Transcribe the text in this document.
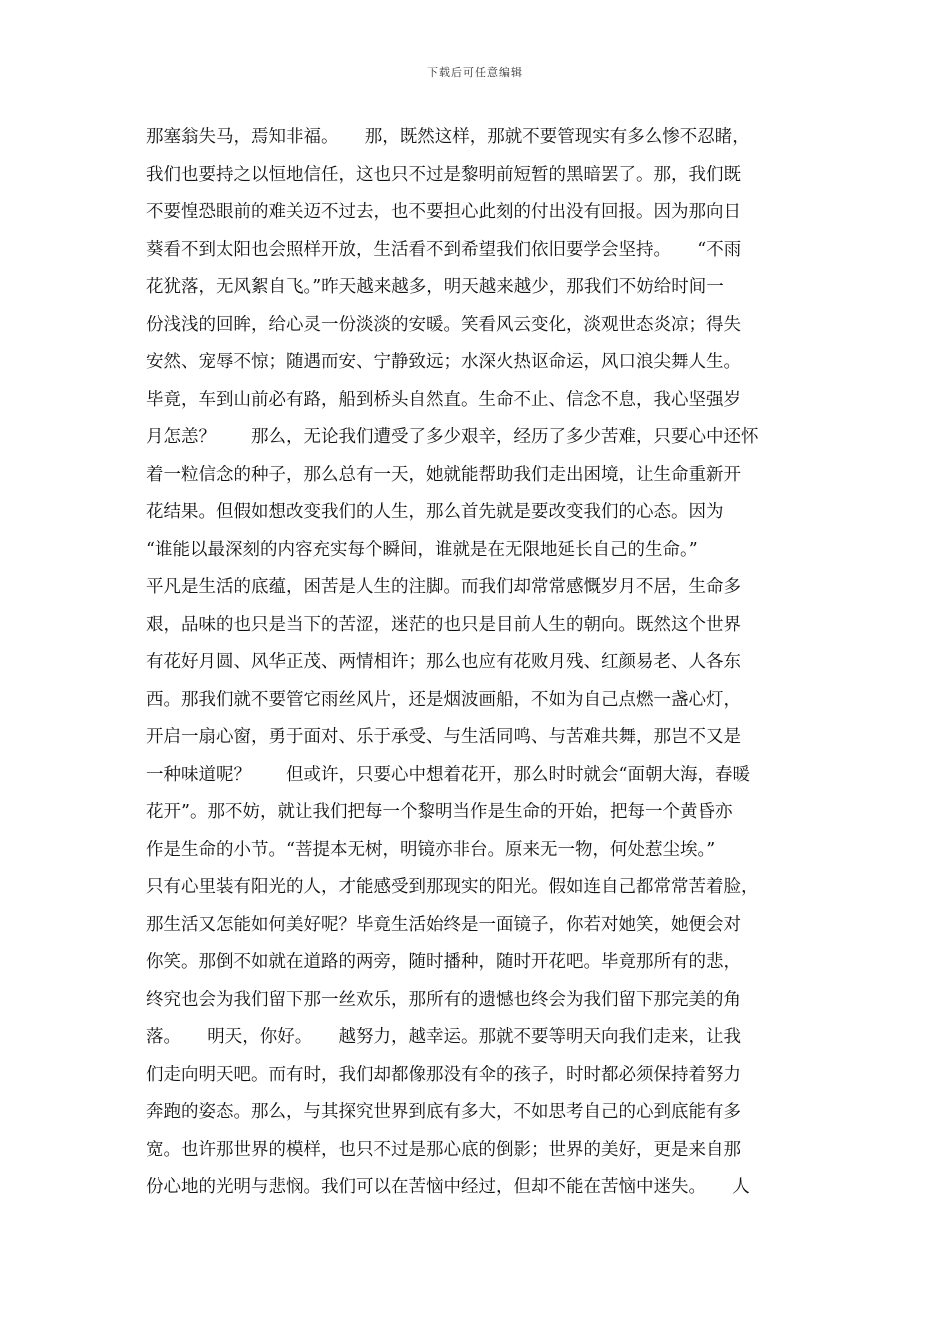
下载后可任意编辑
那塞翁失马，焉知非福。　　那，既然这样，那就不要管现实有多么惨不忍睹，
我们也要持之以恒地信任，这也只不过是黎明前短暂的黑暗罢了。那，我们既
不要惶恐眼前的难关迈不过去，也不要担心此刻的付出没有回报。因为那向日
葵看不到太阳也会照样开放，生活看不到希望我们依旧要学会坚持。　　“不雨
花犹落，无风絮自飞。”昨天越来越多，明天越来越少，那我们不妨给时间一
份浅浅的回眸，给心灵一份淡淡的安暖。笑看风云变化，淡观世态炎凉；得失
安然、宠辱不惊；随遇而安、宁静致远；水深火热讴命运，风口浪尖舞人生。
毕竟，车到山前必有路，船到桥头自然直。生命不止、信念不息，我心坚强岁
月怎恙？　　那么，无论我们遭受了多少艰辛，经历了多少苦难，只要心中还怀
着一粒信念的种子，那么总有一天，她就能帮助我们走出困境，让生命重新开
花结果。但假如想改变我们的人生，那么首先就是要改变我们的心态。因为
“谁能以最深刻的内容充实每个瞬间，谁就是在无限地延长自己的生命。”
平凡是生活的底蕴，困苦是人生的注脚。而我们却常常感慨岁月不居，生命多
艰，品味的也只是当下的苦涩，迷茫的也只是目前人生的朝向。既然这个世界
有花好月圆、风华正茂、两情相许；那么也应有花败月残、红颜易老、人各东
西。那我们就不要管它雨丝风片，还是烟波画船，不如为自己点燃一盏心灯，
开启一扇心窗，勇于面对、乐于承受、与生活同鸣、与苦难共舞，那岂不又是
一种味道呢？　　但或许，只要心中想着花开，那么时时就会“面朝大海，春暖
花开”。那不妨，就让我们把每一个黎明当作是生命的开始，把每一个黄昏亦
作是生命的小节。“菩提本无树，明镜亦非台。原来无一物，何处惹尘埃。”
只有心里装有阳光的人，才能感受到那现实的阳光。假如连自己都常常苦着脸，
那生活又怎能如何美好呢？毕竟生活始终是一面镜子，你若对她笑，她便会对
你笑。那倒不如就在道路的两旁，随时播种，随时开花吧。毕竟那所有的悲，
终究也会为我们留下那一丝欢乐，那所有的遗憾也终会为我们留下那完美的角
落。　　明天，你好。　　越努力，越幸运。那就不要等明天向我们走来，让我
们走向明天吧。而有时，我们却都像那没有伞的孩子，时时都必须保持着努力
奔跑的姿态。那么，与其探究世界到底有多大，不如思考自己的心到底能有多
宽。也许那世界的模样，也只不过是那心底的倒影；世界的美好，更是来自那
份心地的光明与悲悯。我们可以在苦恼中经过，但却不能在苦恼中迷失。　　人
